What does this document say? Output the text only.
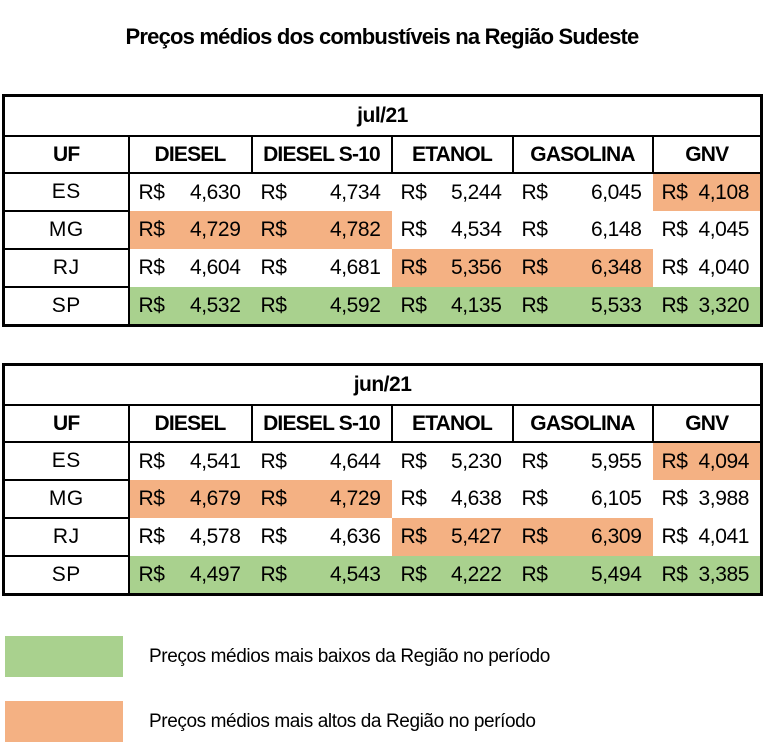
Preços médios dos combustíveis na Região Sudeste
jul/21					
UF	DIESEL	DIESEL S-10	ETANOL	GASOLINA	GNV
ES	R$ 4,630	R$ 4,734	R$ 5,244	R$ 6,045	R$ 4,108

MG	R$ 4,729	R$ 4,782	R$ 4,534	R$ 6,148	R$ 4,045

RJ	R$ 4,604	R$ 4,681	R$ 5,356	R$ 6,348	R$ 4,040

SP	R$ 4,532	R$ 4,592	R$ 4,135	R$ 5,533	R$ 3,320
jun/21					
UF	DIESEL	DIESEL S-10	ETANOL	GASOLINA	GNV
ES	R$ 4,541	R$ 4,644	R$ 5,230	R$ 5,955	R$ 4,094

MG	R$ 4,679	R$ 4,729	R$ 4,638	R$ 6,105	R$ 3,988

RJ	R$ 4,578	R$ 4,636	R$ 5,427	R$ 6,309	R$ 4,041

SP	R$ 4,497	R$ 4,543	R$ 4,222	R$ 5,494	R$ 3,385
Preços médios mais baixos da Região no período
Preços médios mais altos da Região no período
